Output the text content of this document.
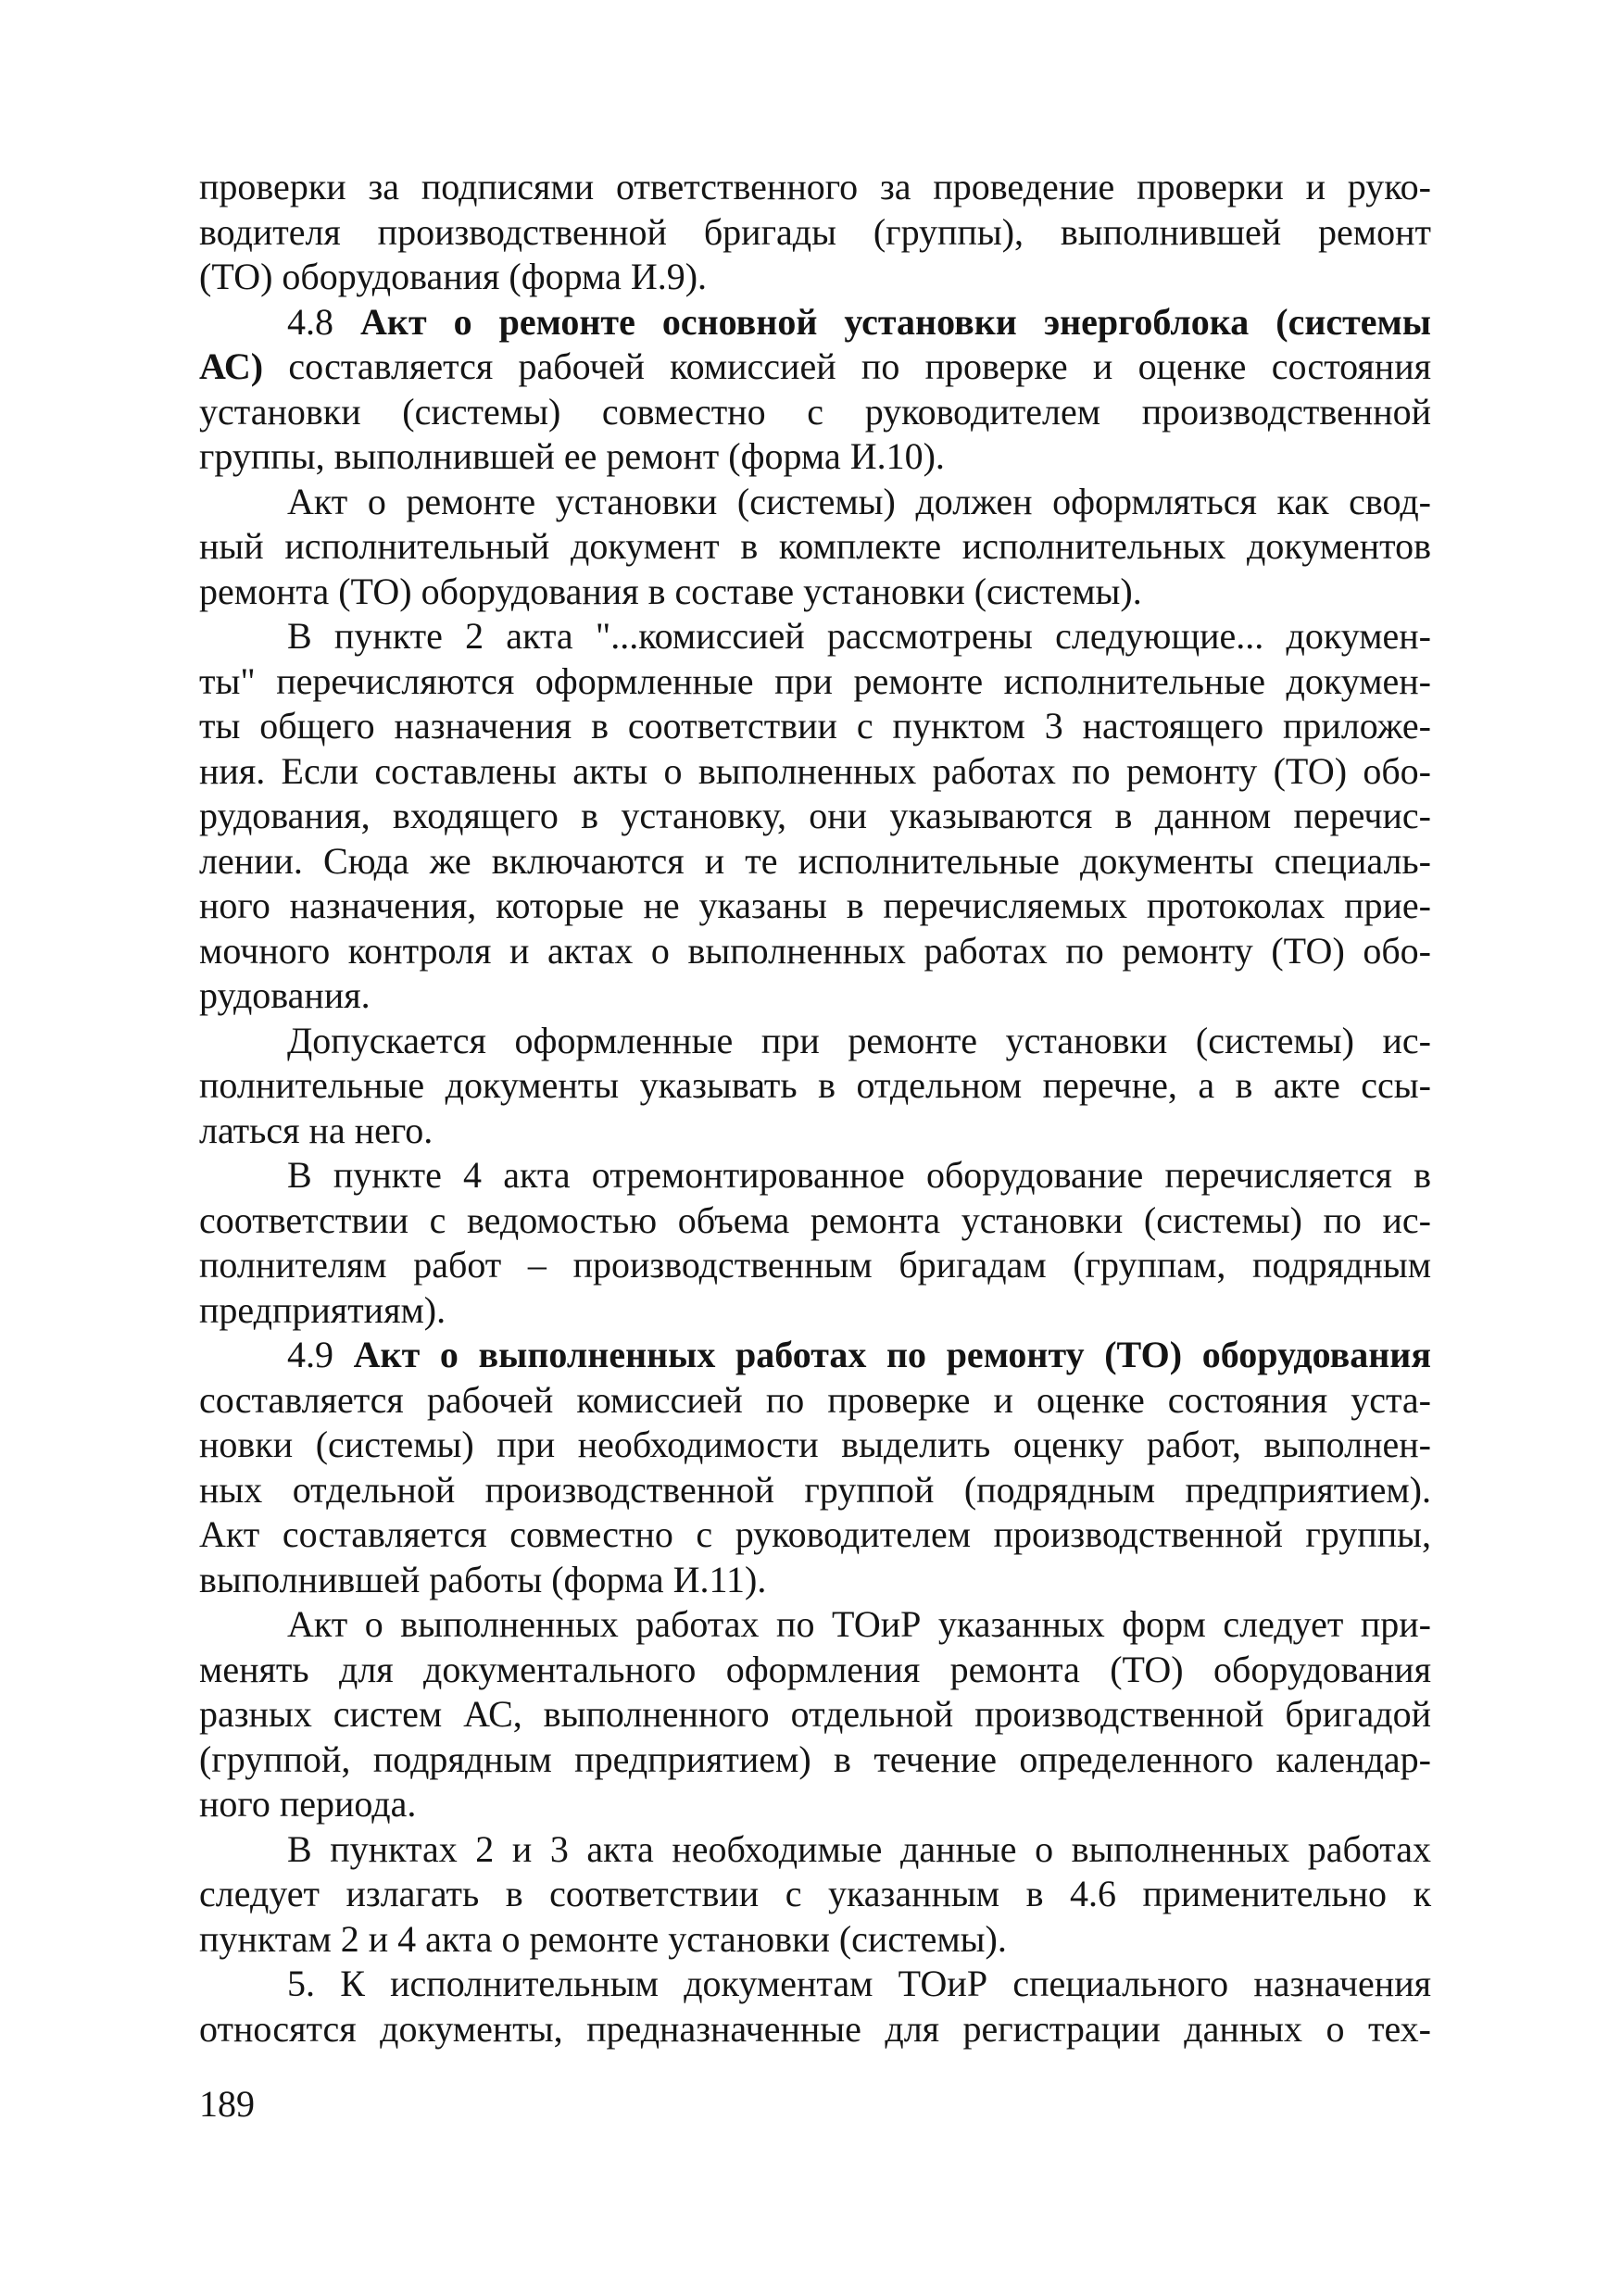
проверки за подписями ответственного за проведение проверки и руко-
водителя производственной бригады (группы), выполнившей ремонт
(ТО) оборудования (форма И.9).
4.8 Акт о ремонте основной установки энергоблока (системы
АС) составляется рабочей комиссией по проверке и оценке состояния
установки (системы) совместно с руководителем производственной
группы, выполнившей ее ремонт (форма И.10).
Акт о ремонте установки (системы) должен оформляться как свод-
ный исполнительный документ в комплекте исполнительных документов
ремонта (ТО) оборудования в составе установки (системы).
В пункте 2 акта "...комиссией рассмотрены следующие... докумен-
ты" перечисляются оформленные при ремонте исполнительные докумен-
ты общего назначения в соответствии с пунктом 3 настоящего приложе-
ния. Если составлены акты о выполненных работах по ремонту (ТО) обо-
рудования, входящего в установку, они указываются в данном перечис-
лении. Сюда же включаются и те исполнительные документы специаль-
ного назначения, которые не указаны в перечисляемых протоколах прие-
мочного контроля и актах о выполненных работах по ремонту (ТО) обо-
рудования.
Допускается оформленные при ремонте установки (системы) ис-
полнительные документы указывать в отдельном перечне, а в акте ссы-
латься на него.
В пункте 4 акта отремонтированное оборудование перечисляется в
соответствии с ведомостью объема ремонта установки (системы) по ис-
полнителям работ – производственным бригадам (группам, подрядным
предприятиям).
4.9 Акт о выполненных работах по ремонту (ТО) оборудования
составляется рабочей комиссией по проверке и оценке состояния уста-
новки (системы) при необходимости выделить оценку работ, выполнен-
ных отдельной производственной группой (подрядным предприятием).
Акт составляется совместно с руководителем производственной группы,
выполнившей работы (форма И.11).
Акт о выполненных работах по ТОиР указанных форм следует при-
менять для документального оформления ремонта (ТО) оборудования
разных систем АС, выполненного отдельной производственной бригадой
(группой, подрядным предприятием) в течение определенного календар-
ного периода.
В пунктах 2 и 3 акта необходимые данные о выполненных работах
следует излагать в соответствии с указанным в 4.6 применительно к
пунктам 2 и 4 акта о ремонте установки (системы).
5. К исполнительным документам ТОиР специального назначения
относятся документы, предназначенные для регистрации данных о тех-
189
